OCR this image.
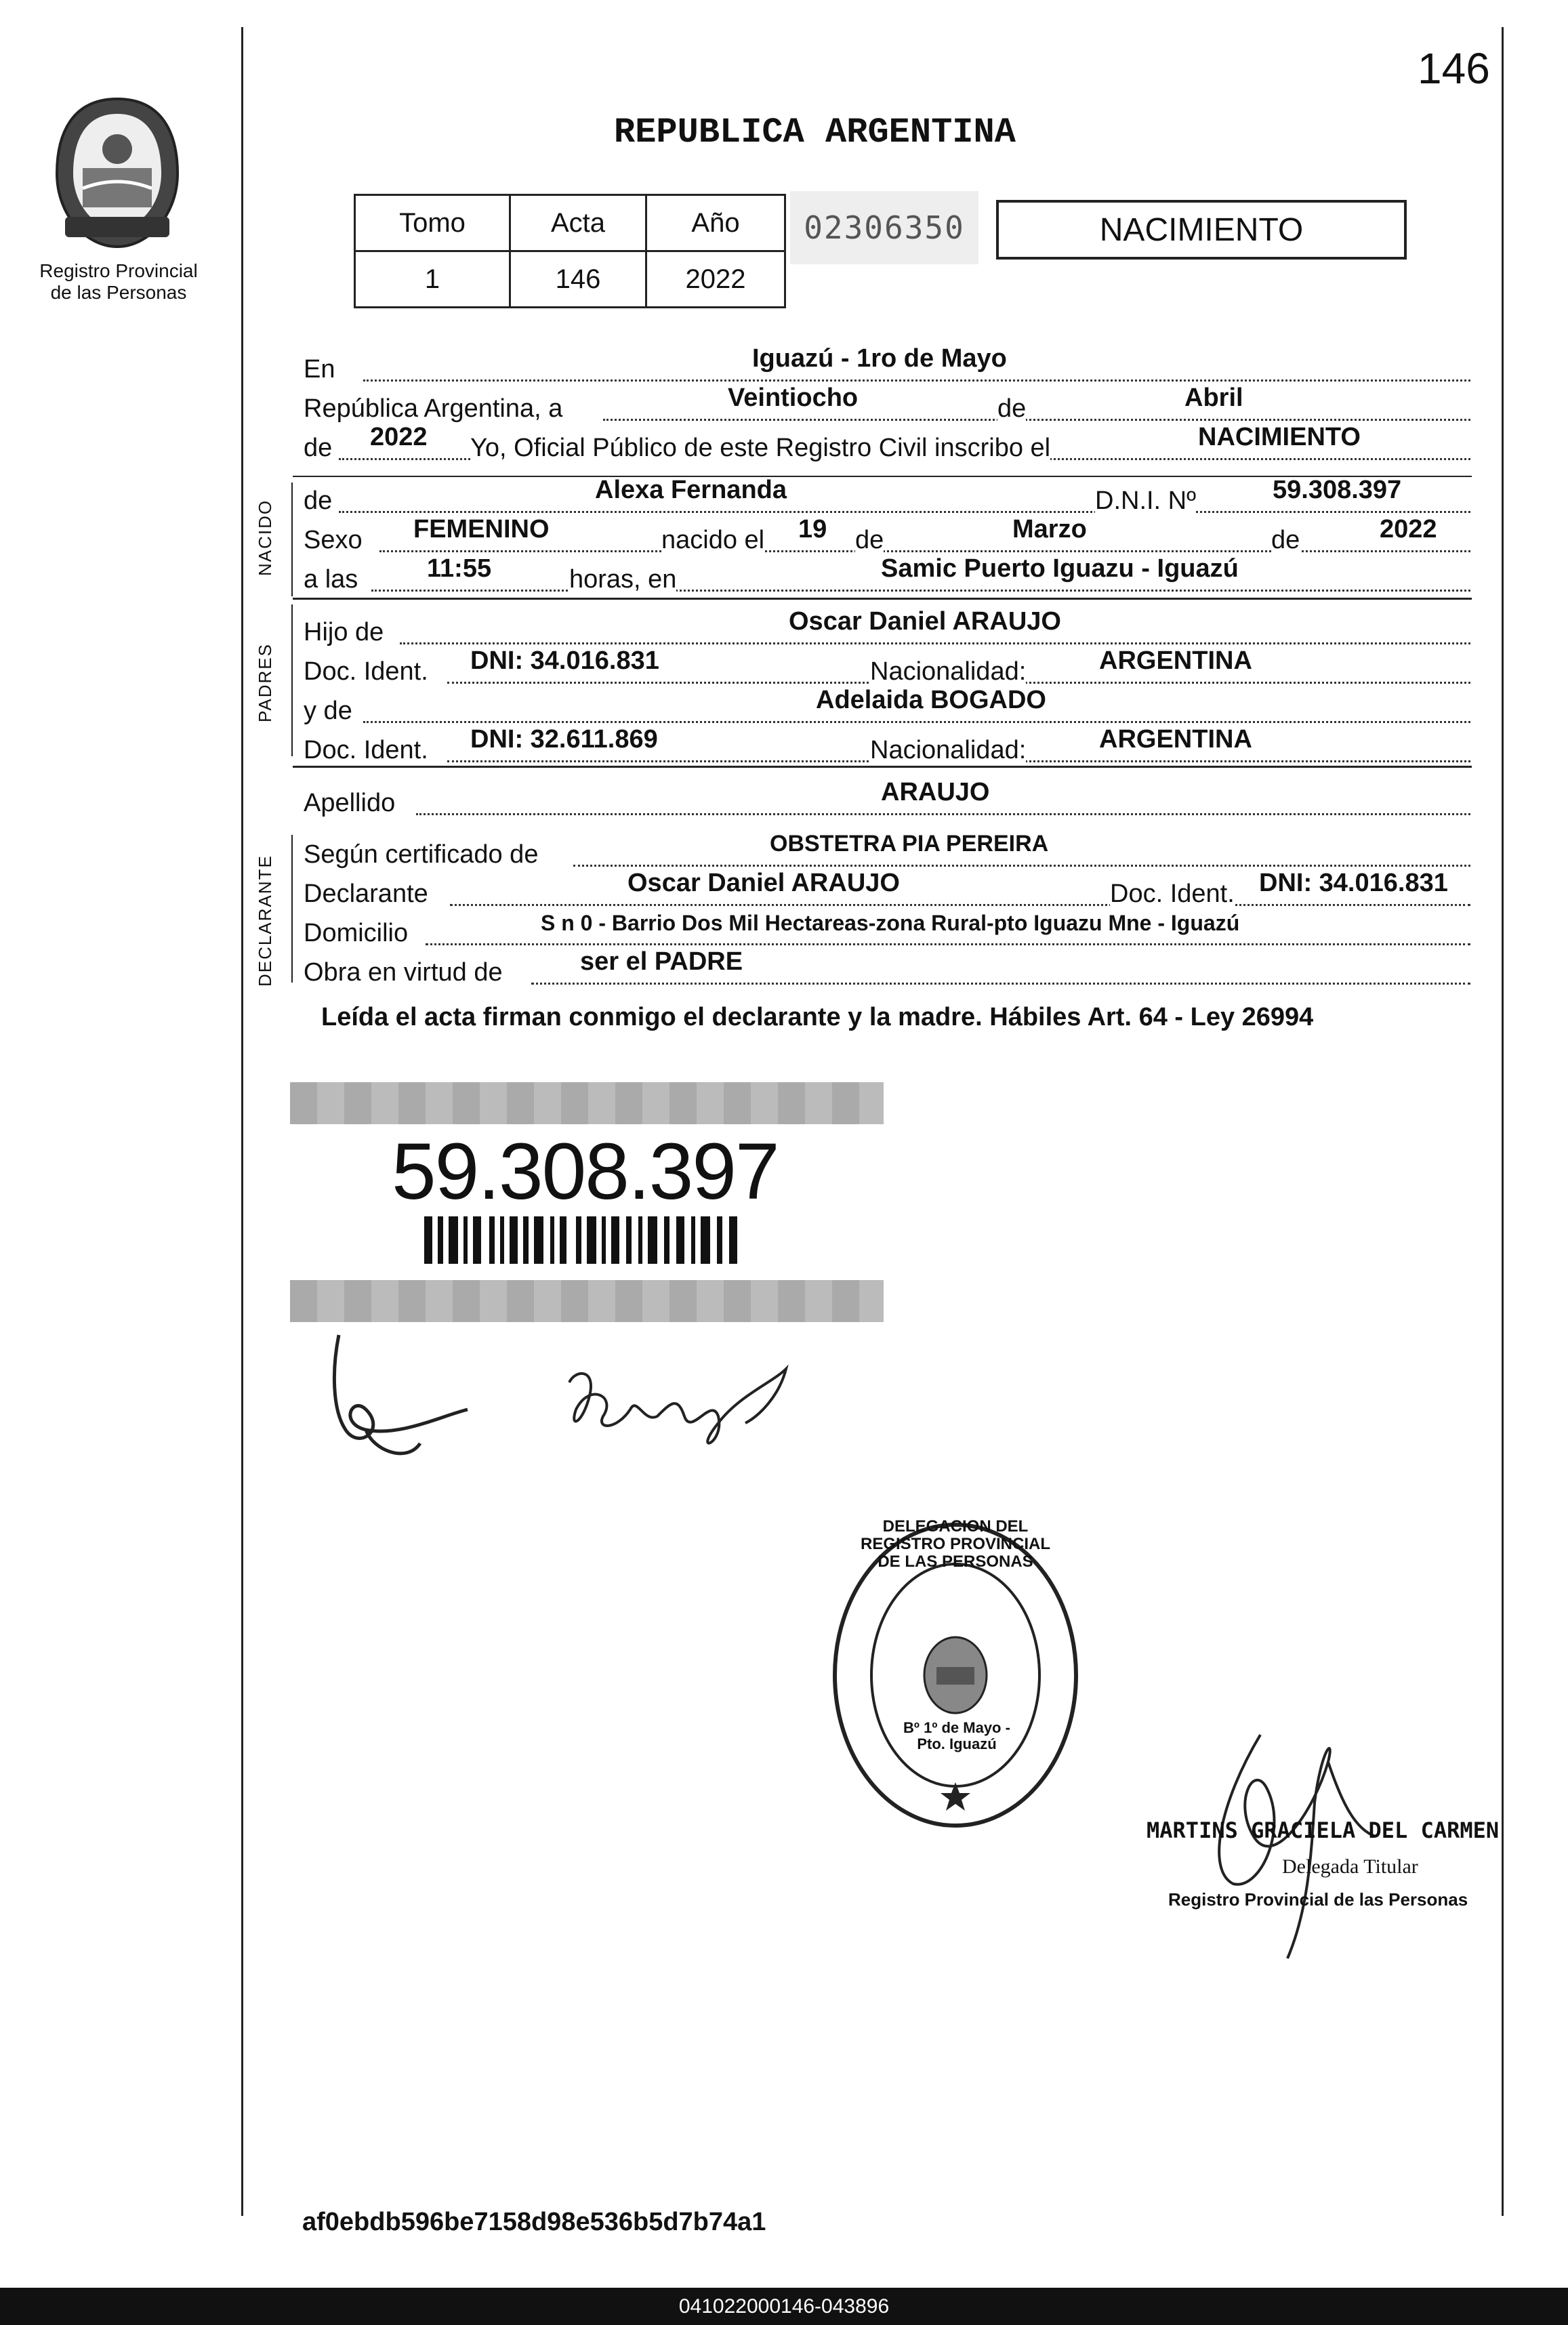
146
Registro Provincial
de las Personas
REPUBLICA ARGENTINA
Tomo	Acta	Año
1	146	2022
02306350	NACIMIENTO
En	Iguazú - 1ro de Mayo
República Argentina, a	Veintiocho	de	Abril
de 2022 Yo, Oficial Público de este Registro Civil inscribo el	NACIMIENTO
NACIDO de	Alexa Fernanda	D.N.I. Nº	59.308.397
Sexo FEMENINO	nacido el 19 de	Marzo	de	2022
a las	11:55	horas, en	Samic Puerto Iguazu - Iguazú
PADRES
Hijo de	Oscar Daniel ARAUJO
Doc. Ident. DNI: 34.016.831	Nacionalidad:	ARGENTINA
y de	Adelaida BOGADO
Doc. Ident. DNI: 32.611.869	Nacionalidad:	ARGENTINA
Apellido	ARAUJO
DECLARANTE
Según certificado de	OBSTETRA PIA PEREIRA
Declarante	Oscar Daniel ARAUJO	Doc. Ident. DNI: 34.016.831
Domicilio	S n 0 - Barrio Dos Mil Hectareas-zona Rural-pto Iguazu Mne - Iguazú
Obra en virtud de	ser el PADRE
Leída el acta firman conmigo el declarante y la madre. Hábiles Art. 64 - Ley 26994
59.308.397
DELEGACION DEL REGISTRO PROVINCIAL DE LAS PERSONAS
Bº 1º de Mayo - Pto. Iguazú
MARTINS GRACIELA DEL CARMEN
Delegada Titular
Registro Provincial de las Personas
af0ebdb596be7158d98e536b5d7b74a1
041022000146-043896
